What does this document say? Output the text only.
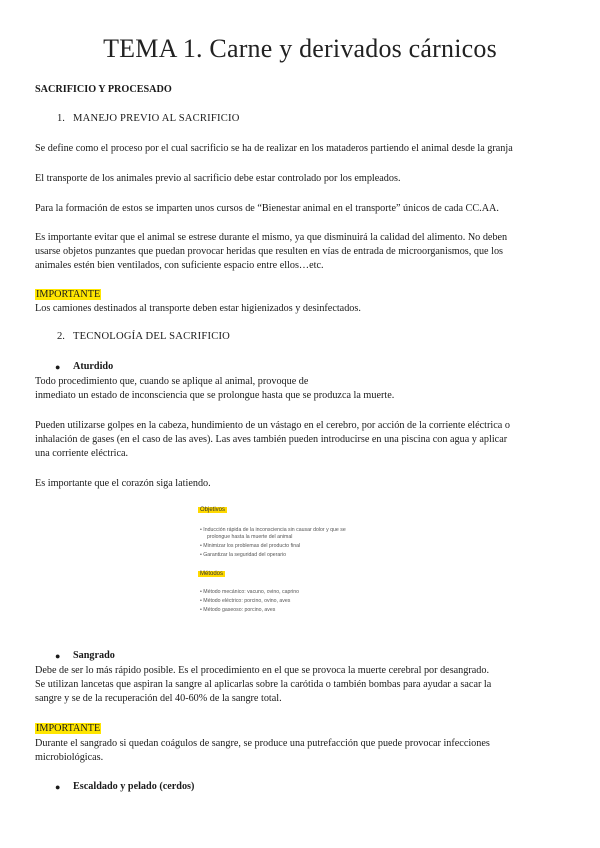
TEMA 1. Carne y derivados cárnicos
SACRIFICIO Y PROCESADO
1. MANEJO PREVIO AL SACRIFICIO
Se define como el proceso por el cual sacrificio se ha de realizar en los mataderos partiendo el animal desde la granja
El transporte de los animales previo al sacrificio debe estar controlado por los empleados.
Para la formación de estos se imparten unos cursos de “Bienestar animal en el transporte” únicos de cada CC.AA.
Es importante evitar que el animal se estrese durante el mismo, ya que disminuirá la calidad del alimento. No deben
usarse objetos punzantes que puedan provocar heridas que resulten en vías de entrada de microorganismos, que los
animales estén bien ventilados, con suficiente espacio entre ellos…etc.
IMPORTANTE
Los camiones destinados al transporte deben estar higienizados y desinfectados.
2. TECNOLOGÍA DEL SACRIFICIO
● Aturdido
Todo procedimiento que, cuando se aplique al animal, provoque de
inmediato un estado de inconsciencia que se prolongue hasta que se produzca la muerte.
Pueden utilizarse golpes en la cabeza, hundimiento de un vástago en el cerebro, por acción de la corriente eléctrica o
inhalación de gases (en el caso de las aves). Las aves también pueden introducirse en una piscina con agua y aplicar
una corriente eléctrica.
Es importante que el corazón siga latiendo.
Objetivos
• Inducción rápida de la inconsciencia sin causar dolor y que se
prolongue hasta la muerte del animal
• Minimizar los problemas del producto final
• Garantizar la seguridad del operario
Métodos
• Método mecánico: vacuno, ovino, caprino
• Método eléctrico: porcino, ovino, aves
• Método gaseoso: porcino, aves
● Sangrado
Debe de ser lo más rápido posible. Es el procedimiento en el que se provoca la muerte cerebral por desangrado.
Se utilizan lancetas que aspiran la sangre al aplicarlas sobre la carótida o también bombas para ayudar a sacar la
sangre y se de la recuperación del 40-60% de la sangre total.
IMPORTANTE
Durante el sangrado si quedan coágulos de sangre, se produce una putrefacción que puede provocar infecciones
microbiológicas.
● Escaldado y pelado (cerdos)
